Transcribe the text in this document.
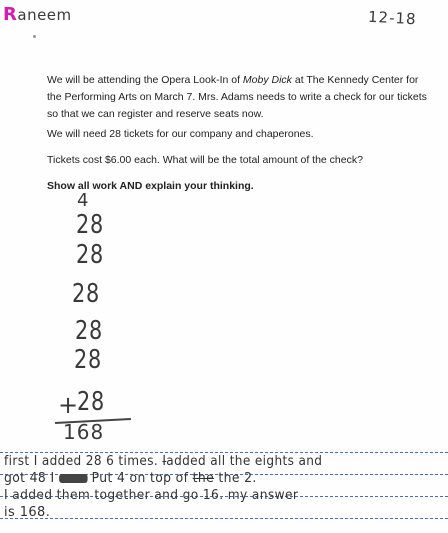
Raneem	12-18
We will be attending the Opera Look-In of Moby Dick at The Kennedy Center for the Performing Arts on March 7. Mrs. Adams needs to write a check for our tickets so that we can register and reserve seats now.
We will need 28 tickets for our company and chaperones.
Tickets cost $6.00 each. What will be the total amount of the check?
Show all work AND explain your thinking.
4
28
28
28
28
28
+
28
168
first I added 28 6 times. Iadded all the eights and
got 48 I	Put 4 on top of the the 2.
I added them together and go 16. my answer
is 168.
